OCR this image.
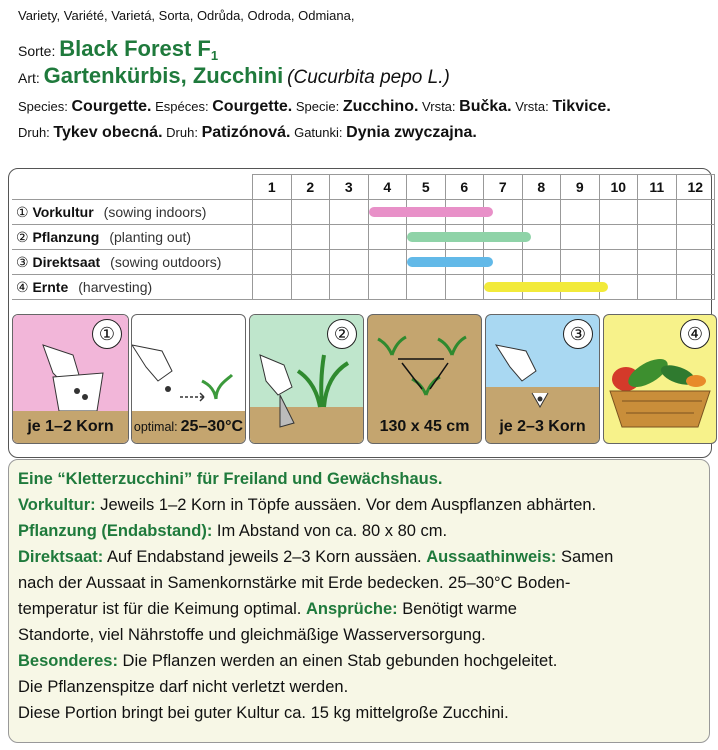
Variety, Variété, Varietá, Sorta, Odrůda, Odroda, Odmiana,
Sorte: Black Forest $F_1$
Art: Gartenkürbis, Zucchini (Cucurbita pepo L.)
Species: Courgette. Espéces: Courgette. Specie: Zucchino. Vrsta: Bučka. Vrsta: Tikvice.
Druh: Tykev obecná. Druh: Patizónová. Gatunki: Dynia zwyczajna.
	1	2	3	4	5	6	7	8	9	10	11	12
① Vorkultur (sowing indoors)				

② Pflanzung (planting out)					

③ Direktsaat (sowing outdoors)					

④ Ernte (harvesting)							

①
je 1–2 Korn	optimal: 25–30°C
②
130 x 45 cm
③
je 2–3 Korn
④
Eine “Kletterzucchini” für Freiland und Gewächshaus.
Vorkultur: Jeweils 1–2 Korn in Töpfe aussäen. Vor dem Auspflanzen abhärten.
Pflanzung (Endabstand): Im Abstand von ca. 80 x 80 cm.
Direktsaat: Auf Endabstand jeweils 2–3 Korn aussäen. Aussaathinweis: Samen
nach der Aussaat in Samenkornstärke mit Erde bedecken. 25–30°C Boden-
temperatur ist für die Keimung optimal. Ansprüche: Benötigt warme
Standorte, viel Nährstoffe und gleichmäßige Wasserversorgung.
Besonderes: Die Pflanzen werden an einen Stab gebunden hochgeleitet.
Die Pflanzenspitze darf nicht verletzt werden.
Diese Portion bringt bei guter Kultur ca. 15 kg mittelgroße Zucchini.
